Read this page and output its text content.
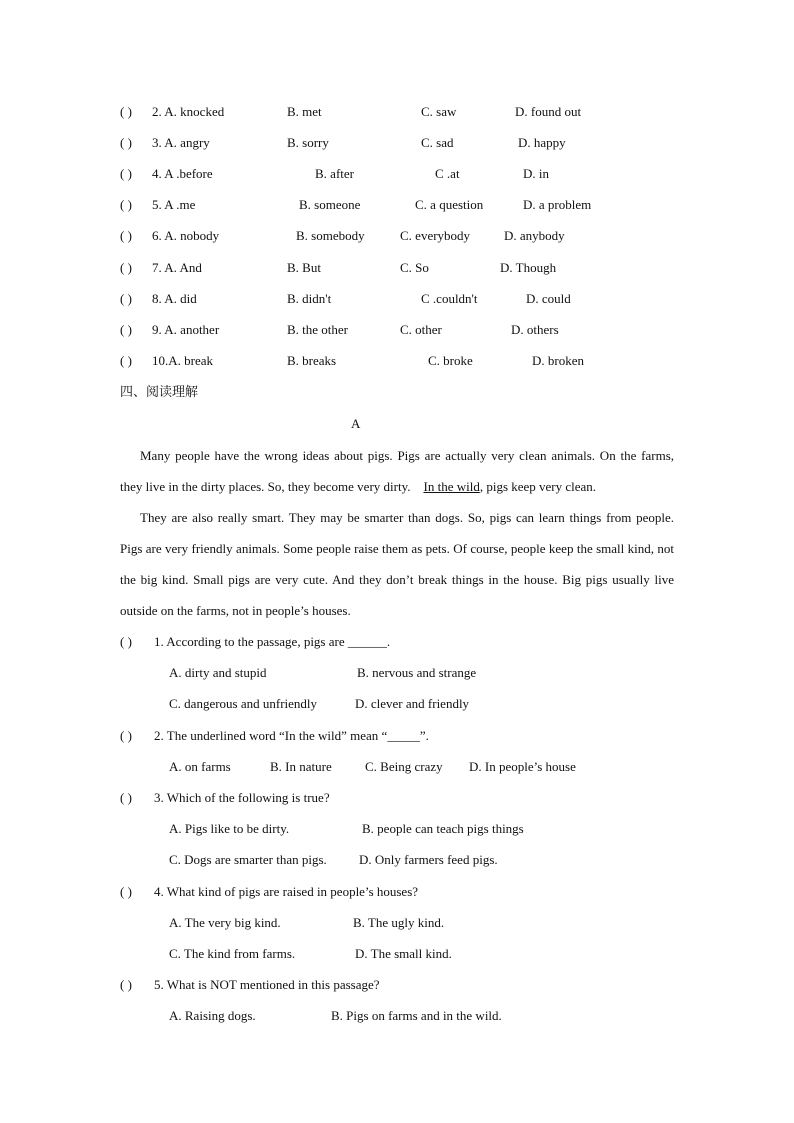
( ) 2. A. knocked	B. met	C. saw	D. found out
( ) 3. A. angry	B. sorry	C. sad	D. happy
( ) 4. A .before	B. after	C .at	D. in
( ) 5. A .me	B. someone	C. a question	D. a problem
( ) 6. A. nobody	B. somebody	C. everybody	D. anybody
( ) 7. A. And	B. But	C. So	D. Though
( ) 8. A. did	B. didn't	C .couldn't	D. could
( ) 9. A. another	B. the other	C. other	D. others
( ) 10.A. break	B. breaks	C. broke	D. broken
四、阅读理解
A
Many people have the wrong ideas about pigs. Pigs are actually very clean animals. On the farms, they live in the dirty places. So, they become very dirty. In the wild, pigs keep very clean.
They are also really smart. They may be smarter than dogs. So, pigs can learn things from people. Pigs are very friendly animals. Some people raise them as pets. Of course, people keep the small kind, not the big kind. Small pigs are very cute. And they don’t break things in the house. Big pigs usually live outside on the farms, not in people’s houses.
( ) 1. According to the passage, pigs are ______.
A. dirty and stupid	B. nervous and strange
C. dangerous and unfriendly	D. clever and friendly
( ) 2. The underlined word “In the wild” mean “_____”.
A. on farms	B. In nature	C. Being crazy D. In people’s house
( ) 3. Which of the following is true?
A. Pigs like to be dirty.	B. people can teach pigs things
C. Dogs are smarter than pigs. D. Only farmers feed pigs.
( ) 4. What kind of pigs are raised in people’s houses?
A. The very big kind.	B. The ugly kind.
C. The kind from farms.	D. The small kind.
( ) 5. What is NOT mentioned in this passage?
A. Raising dogs.	B. Pigs on farms and in the wild.
